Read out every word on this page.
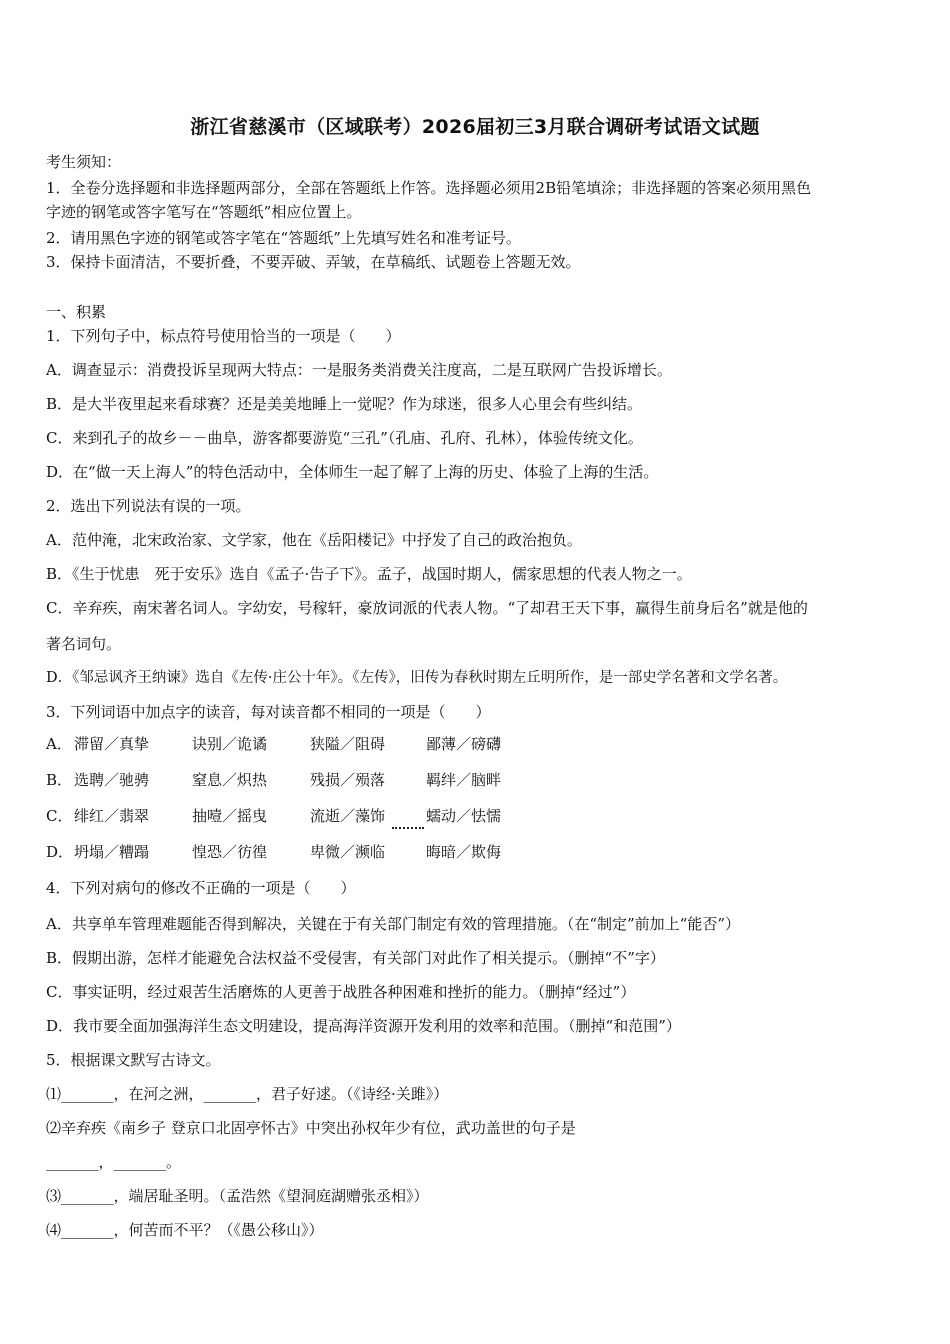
浙江省慈溪市（区域联考）2026届初三3月联合调研考试语文试题
考生须知：
1．全卷分选择题和非选择题两部分，全部在答题纸上作答。选择题必须用2B铅笔填涂；非选择题的答案必须用黑色
字迹的钢笔或答字笔写在“答题纸”相应位置上。
2．请用黑色字迹的钢笔或答字笔在“答题纸”上先填写姓名和准考证号。
3．保持卡面清洁，不要折叠，不要弄破、弄皱，在草稿纸、试题卷上答题无效。
一、积累
1．下列句子中，标点符号使用恰当的一项是（　　）
A．调查显示：消费投诉呈现两大特点：一是服务类消费关注度高，二是互联网广告投诉增长。
B．是大半夜里起来看球赛？还是美美地睡上一觉呢？作为球迷，很多人心里会有些纠结。
C．来到孔子的故乡－－曲阜，游客都要游览“三孔”（孔庙、孔府、孔林），体验传统文化。
D．在“做一天上海人”的特色活动中，全体师生一起了解了上海的历史、体验了上海的生活。
2．选出下列说法有误的一项。
A．范仲淹，北宋政治家、文学家，他在《岳阳楼记》中抒发了自己的政治抱负。
B．《生于忧患　死于安乐》选自《孟子·告子下》。孟子，战国时期人，儒家思想的代表人物之一。
C．辛弃疾，南宋著名词人。字幼安，号稼轩，豪放词派的代表人物。“了却君王天下事，赢得生前身后名”就是他的
著名词句。
D．《邹忌讽齐王纳谏》选自《左传·庄公十年》。《左传》，旧传为春秋时期左丘明所作，是一部史学名著和文学名著。
3．下列词语中加点字的读音，每对读音都不相同的一项是（　　）
A． 滞留／真挚	诀别／诡谲	狭隘／阻碍	鄙薄／磅礴
B． 选聘／驰骋	窒息／炽热	残损／殒落	羁绊／脑畔
C． 绯红／翡翠	抽噎／摇曳	流逝／藻饰	蠕动／怯懦
D． 坍塌／糟蹋	惶恐／彷徨	卑微／濒临	晦暗／欺侮
4．下列对病句的修改不正确的一项是（　　）
A．共享单车管理难题能否得到解决，关键在于有关部门制定有效的管理措施。（在“制定”前加上“能否”）
B．假期出游，怎样才能避免合法权益不受侵害，有关部门对此作了相关提示。（删掉“不”字）
C．事实证明，经过艰苦生活磨炼的人更善于战胜各种困难和挫折的能力。（删掉“经过”）
D．我市要全面加强海洋生态文明建设，提高海洋资源开发利用的效率和范围。（删掉“和范围”）
5．根据课文默写古诗文。
⑴_______，在河之洲，_______，君子好逑。（《诗经·关雎》）
⑵辛弃疾《南乡子 登京口北固亭怀古》中突出孙权年少有位，武功盖世的句子是
_______，_______。
⑶_______，端居耻圣明。（孟浩然《望洞庭湖赠张丞相》）
⑷_______，何苦而不平？（《愚公移山》）
